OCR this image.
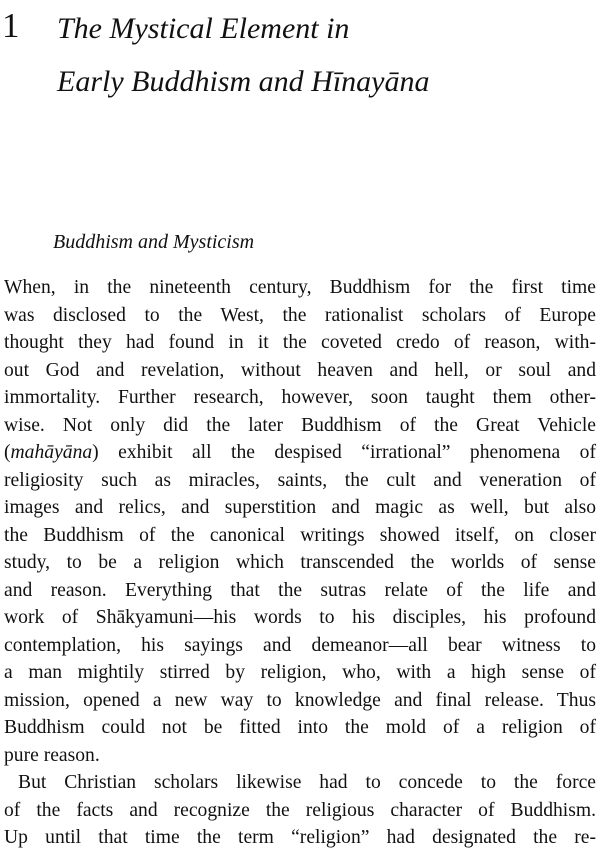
1 The Mystical Element in
Early Buddhism and Hīnayāna
Buddhism and Mysticism
When, in the nineteenth century, Buddhism for the first time
was disclosed to the West, the rationalist scholars of Europe
thought they had found in it the coveted credo of reason, with-
out God and revelation, without heaven and hell, or soul and
immortality. Further research, however, soon taught them other-
wise. Not only did the later Buddhism of the Great Vehicle
(mahāyāna) exhibit all the despised “irrational” phenomena of
religiosity such as miracles, saints, the cult and veneration of
images and relics, and superstition and magic as well, but also
the Buddhism of the canonical writings showed itself, on closer
study, to be a religion which transcended the worlds of sense
and reason. Everything that the sutras relate of the life and
work of Shākyamuni—his words to his disciples, his profound
contemplation, his sayings and demeanor—all bear witness to
a man mightily stirred by religion, who, with a high sense of
mission, opened a new way to knowledge and final release. Thus
Buddhism could not be fitted into the mold of a religion of
pure reason.
But Christian scholars likewise had to concede to the force
of the facts and recognize the religious character of Buddhism.
Up until that time the term “religion” had designated the re-
